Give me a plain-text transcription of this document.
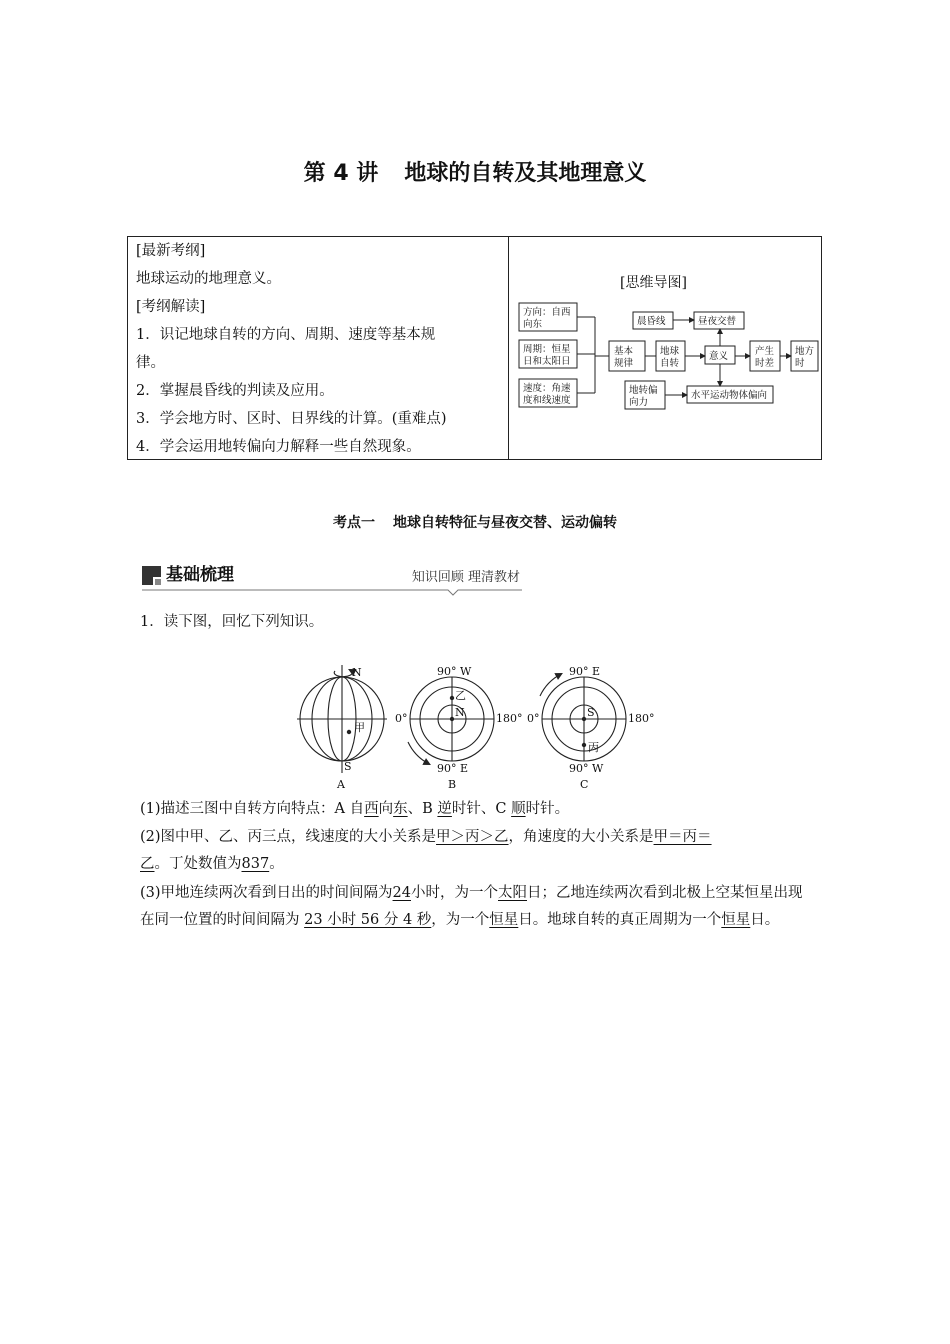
第 4 讲 地球的自转及其地理意义
[最新考纲]
地球运动的地理意义。
[考纲解读]
1．识记地球自转的方向、周期、速度等基本规
律。
2．掌握晨昏线的判读及应用。
3．学会地方时、区时、日界线的计算。(重难点)
4．学会运用地转偏向力解释一些自然现象。
[思维导图]
方向：自西
向东
周期：恒星
日和太阳日
速度：角速
度和线速度
基本
规律
地球
自转
意义
晨昏线	昼夜交替
产生
时差
地方
时
地转偏
向力
水平运动物体偏向
考点一 地球自转特征与昼夜交替、运动偏转
基础梳理	知识回顾 理清教材
1．读下图，回忆下列知识。
N
S
甲
A
90° W
90° E
0°	180°
N
乙
B
90° E
90° W
0°	180°
S
丙
C
(1)描述三图中自转方向特点：A 自西向东、B 逆时针、C 顺时针。
(2)图中甲、乙、丙三点，线速度的大小关系是甲＞丙＞乙，角速度的大小关系是甲＝丙＝
乙。丁处数值为837。
(3)甲地连续两次看到日出的时间间隔为24小时，为一个太阳日；乙地连续两次看到北极上空某恒星出现在同一位置的时间间隔为 23 小时 56 分 4 秒，为一个恒星日。地球自转的真正周期为一个恒星日。
